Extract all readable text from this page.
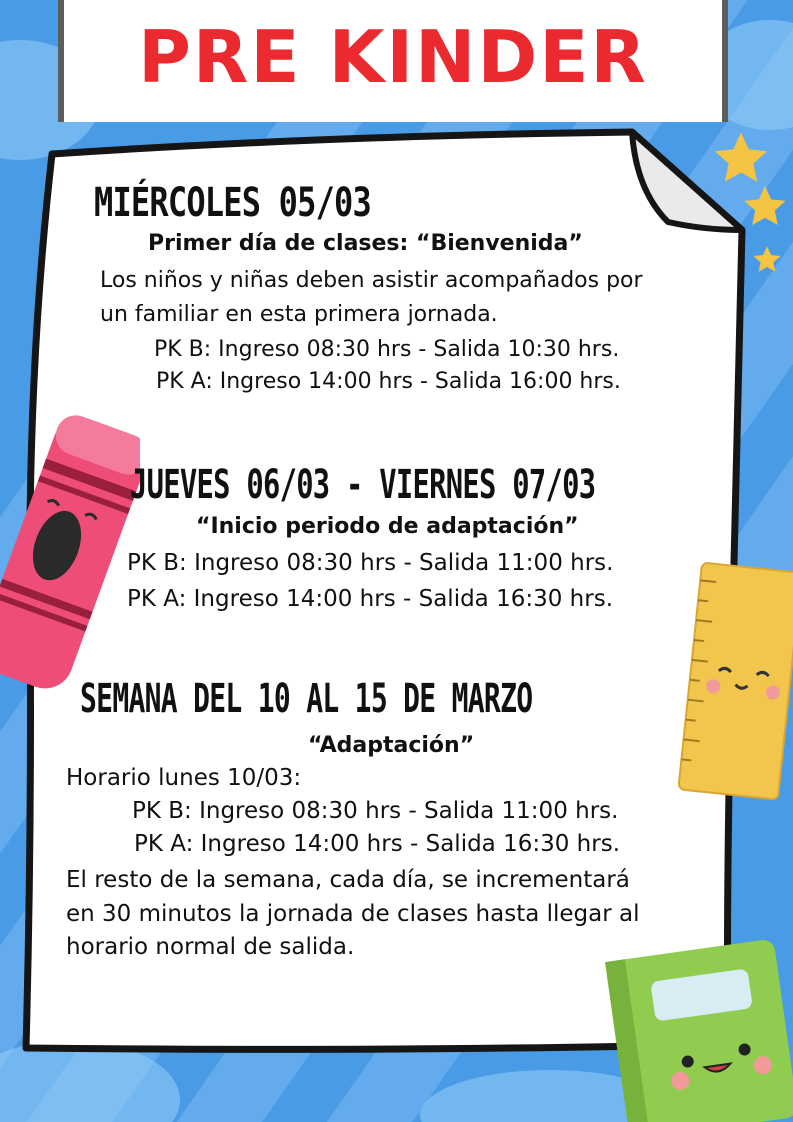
PRE KINDER
MIÉRCOLES 05/03
Primer día de clases: “Bienvenida”
Los niños y niñas deben asistir acompañados por
un familiar en esta primera jornada.
PK B: Ingreso 08:30 hrs - Salida 10:30 hrs.
PK A: Ingreso 14:00 hrs - Salida 16:00 hrs.
JUEVES 06/03 - VIERNES 07/03
“Inicio periodo de adaptación”
PK B: Ingreso 08:30 hrs - Salida 11:00 hrs.
PK A: Ingreso 14:00 hrs - Salida 16:30 hrs.
SEMANA DEL 10 AL 15 DE MARZO
“Adaptación”
Horario lunes 10/03:
PK B: Ingreso 08:30 hrs - Salida 11:00 hrs.
PK A: Ingreso 14:00 hrs - Salida 16:30 hrs.
El resto de la semana, cada día, se incrementará
en 30 minutos la jornada de clases hasta llegar al
horario normal de salida.
